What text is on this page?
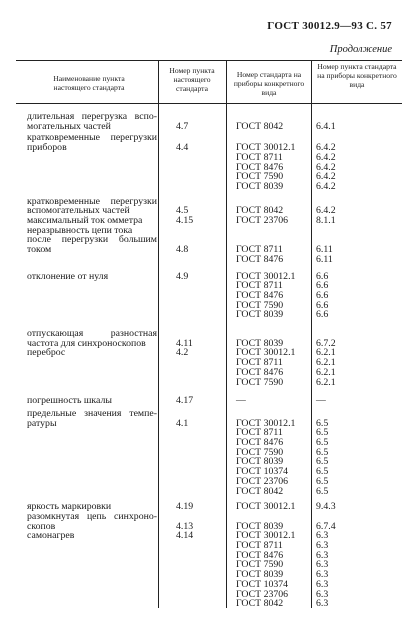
ГОСТ 30012.9—93 С. 57
Продолжение
Наименование пункта настоящего стандарта
Номер пункта настоящего стандарта
Номер стандарта на приборы конкретного вида
Номер пункта стандарта на приборы конкретного вида
длительная перегрузка вспо-
могательных частей	4.7	ГОСТ 8042	6.4.1
кратковременные перегрузки
приборов	4.4	ГОСТ 30012.1 6.4.2
ГОСТ 8711	6.4.2
ГОСТ 8476	6.4.2
ГОСТ 7590	6.4.2
ГОСТ 8039	6.4.2
кратковременные перегрузки
вспомогательных частей	4.5	ГОСТ 8042	6.4.2
максимальный ток омметра	4.15	ГОСТ 23706	8.1.1
неразрывность цепи тока
после перегрузки большим
током	4.8	ГОСТ 8711	6.11
ГОСТ 8476	6.11
отклонение от нуля	4.9	ГОСТ 30012.1 6.6
ГОСТ 8711	6.6
ГОСТ 8476	6.6
ГОСТ 7590	6.6
ГОСТ 8039	6.6
отпускающая разностная
частота для синхроноскопов	4.11	ГОСТ 8039	6.7.2
переброс	4.2	ГОСТ 30012.1 6.2.1
ГОСТ 8711	6.2.1
ГОСТ 8476	6.2.1
ГОСТ 7590	6.2.1
погрешность шкалы	4.17	—	—
предельные значения темпе-
ратуры	4.1	ГОСТ 30012.1 6.5
ГОСТ 8711	6.5
ГОСТ 8476	6.5
ГОСТ 7590	6.5
ГОСТ 8039	6.5
ГОСТ 10374	6.5
ГОСТ 23706	6.5
ГОСТ 8042	6.5
яркость маркировки	4.19	ГОСТ 30012.1 9.4.3
разомкнутая цепь синхроно-
скопов	4.13	ГОСТ 8039	6.7.4
самонагрев	4.14	ГОСТ 30012.1 6.3
ГОСТ 8711	6.3
ГОСТ 8476	6.3
ГОСТ 7590	6.3
ГОСТ 8039	6.3
ГОСТ 10374	6.3
ГОСТ 23706	6.3
ГОСТ 8042	6.3
